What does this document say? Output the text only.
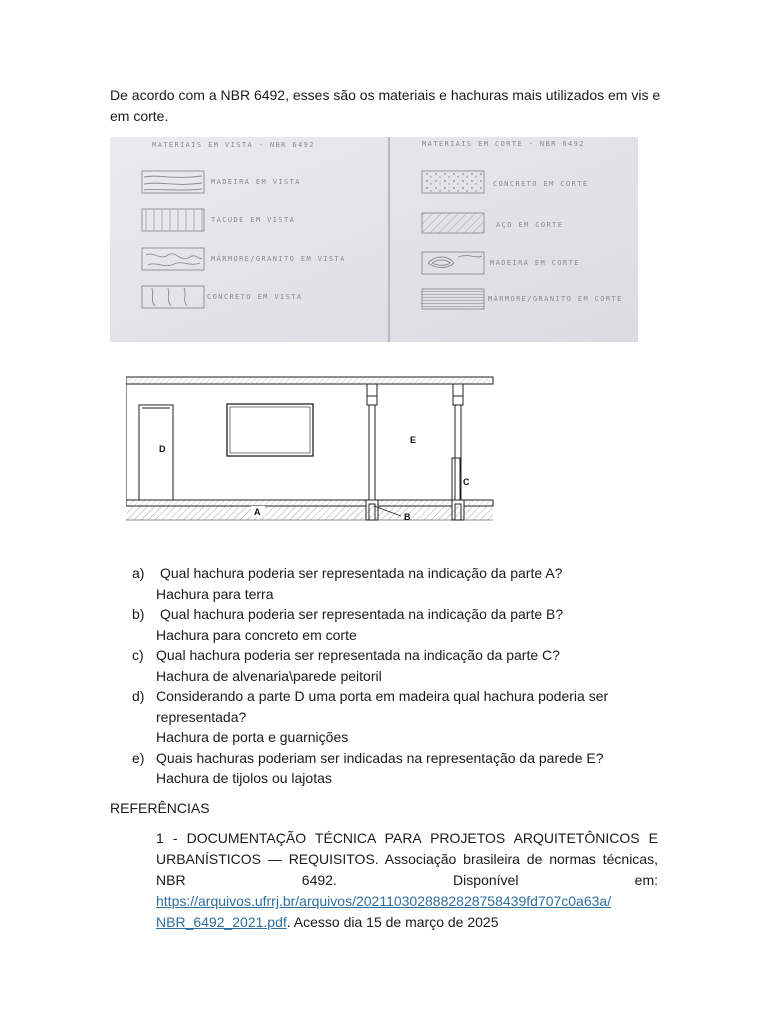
De acordo com a NBR 6492, esses são os materiais e hachuras mais utilizados em vis e em corte.

MATERIAIS EM VISTA - NBR 6492	MATERIAIS EM CORTE - NBR 6492
MADEIRA EM VISTA
TACUDE EM VISTA
MÁRMORE/GRANITO EM VISTA
CONCRETO EM VISTA
CONCRETO EM CORTE
AÇO EM CORTE
MADEIRA EM CORTE
MÁRMORE/GRANITO EM CORTE
A	B
C
D
E
a) Qual hachura poderia ser representada na indicação da parte A?
Hachura para terra
b) Qual hachura poderia ser representada na indicação da parte B?
Hachura para concreto em corte
c) Qual hachura poderia ser representada na indicação da parte C?
Hachura de alvenaria\parede peitoril
d) Considerando a parte D uma porta em madeira qual hachura poderia ser representada?
Hachura de porta e guarnições
e) Quais hachuras poderiam ser indicadas na representação da parede E?
Hachura de tijolos ou lajotas
REFERÊNCIAS
1 - DOCUMENTAÇÃO TÉCNICA PARA PROJETOS ARQUITETÔNICOS E URBANÍSTICOS — REQUISITOS. Associação brasileira de normas técnicas, NBR 6492. Disponível em: https://arquivos.ufrrj.br/arquivos/2021103028882828758439fd707c0a63a/ NBR_6492_2021.pdf. Acesso dia 15 de março de 2025
